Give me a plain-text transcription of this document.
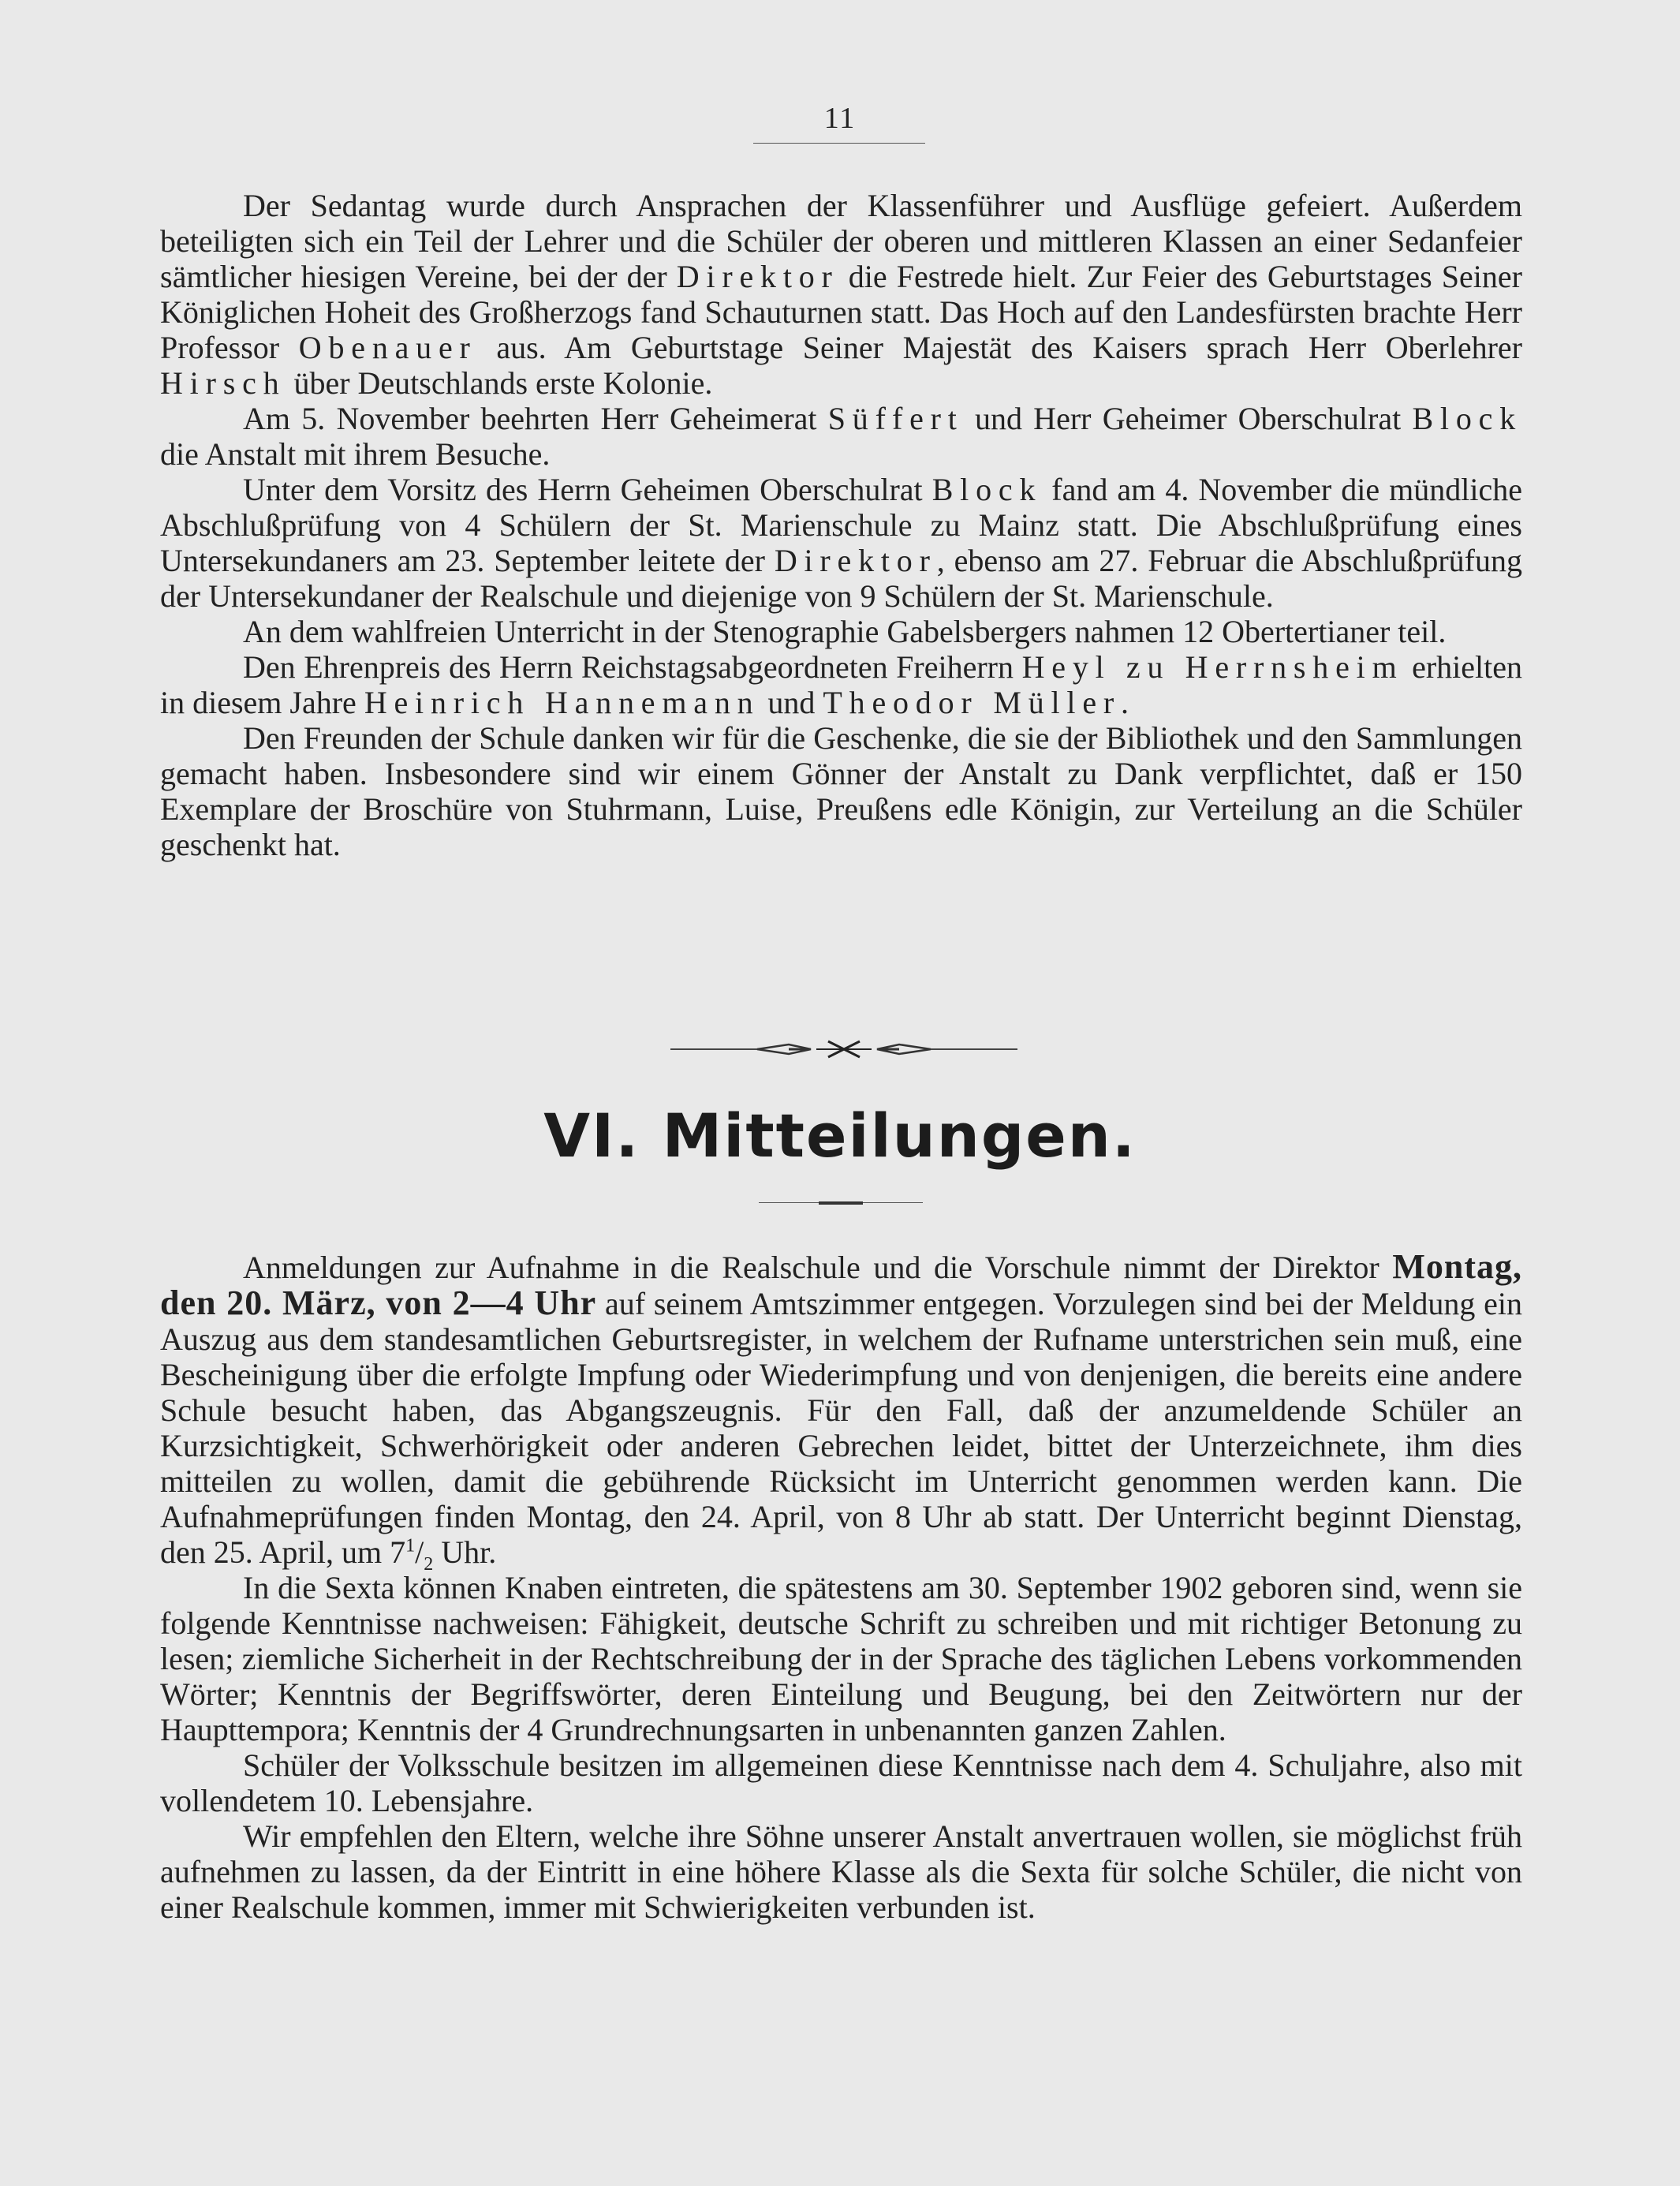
11

Der Sedantag wurde durch Ansprachen der Klassenführer und Ausflüge gefeiert. Außerdem beteiligten sich ein Teil der Lehrer und die Schüler der oberen und mittleren Klassen an einer Sedanfeier sämtlicher hiesigen Vereine, bei der der Direktor die Festrede hielt. Zur Feier des Geburtstages Seiner Königlichen Hoheit des Großherzogs fand Schauturnen statt. Das Hoch auf den Landesfürsten brachte Herr Professor Obenauer aus. Am Geburtstage Seiner Majestät des Kaisers sprach Herr Oberlehrer Hirsch über Deutschlands erste Kolonie.

Am 5. November beehrten Herr Geheimerat Süffert und Herr Geheimer Oberschulrat Block die Anstalt mit ihrem Besuche.

Unter dem Vorsitz des Herrn Geheimen Oberschulrat Block fand am 4. November die mündliche Abschlußprüfung von 4 Schülern der St. Marienschule zu Mainz statt. Die Abschlußprüfung eines Untersekundaners am 23. September leitete der Direktor, ebenso am 27. Februar die Abschlußprüfung der Untersekundaner der Realschule und diejenige von 9 Schülern der St. Marienschule.

An dem wahlfreien Unterricht in der Stenographie Gabelsbergers nahmen 12 Obertertianer teil.

Den Ehrenpreis des Herrn Reichstagsabgeordneten Freiherrn Heyl zu Herrnsheim erhielten in diesem Jahre Heinrich Hannemann und Theodor Müller.

Den Freunden der Schule danken wir für die Geschenke, die sie der Bibliothek und den Sammlungen gemacht haben. Insbesondere sind wir einem Gönner der Anstalt zu Dank verpflichtet, daß er 150 Exemplare der Broschüre von Stuhrmann, Luise, Preußens edle Königin, zur Verteilung an die Schüler geschenkt hat.

VI. Mitteilungen.

Anmeldungen zur Aufnahme in die Realschule und die Vorschule nimmt der Direktor Montag, den 20. März, von 2—4 Uhr auf seinem Amtszimmer entgegen. Vorzulegen sind bei der Meldung ein Auszug aus dem standesamtlichen Geburtsregister, in welchem der Rufname unterstrichen sein muß, eine Bescheinigung über die erfolgte Impfung oder Wiederimpfung und von denjenigen, die bereits eine andere Schule besucht haben, das Abgangszeugnis. Für den Fall, daß der anzumeldende Schüler an Kurzsichtigkeit, Schwerhörigkeit oder anderen Gebrechen leidet, bittet der Unterzeichnete, ihm dies mitteilen zu wollen, damit die gebührende Rücksicht im Unterricht genommen werden kann. Die Aufnahmeprüfungen finden Montag, den 24. April, von 8 Uhr ab statt. Der Unterricht beginnt Dienstag, den 25. April, um $7^1/_2$ Uhr.

In die Sexta können Knaben eintreten, die spätestens am 30. September 1902 geboren sind, wenn sie folgende Kenntnisse nachweisen: Fähigkeit, deutsche Schrift zu schreiben und mit richtiger Betonung zu lesen; ziemliche Sicherheit in der Rechtschreibung der in der Sprache des täglichen Lebens vorkommenden Wörter; Kenntnis der Begriffswörter, deren Einteilung und Beugung, bei den Zeitwörtern nur der Haupttempora; Kenntnis der 4 Grundrechnungsarten in unbenannten ganzen Zahlen.

Schüler der Volksschule besitzen im allgemeinen diese Kenntnisse nach dem 4. Schuljahre, also mit vollendetem 10. Lebensjahre.

Wir empfehlen den Eltern, welche ihre Söhne unserer Anstalt anvertrauen wollen, sie möglichst früh aufnehmen zu lassen, da der Eintritt in eine höhere Klasse als die Sexta für solche Schüler, die nicht von einer Realschule kommen, immer mit Schwierigkeiten verbunden ist.
